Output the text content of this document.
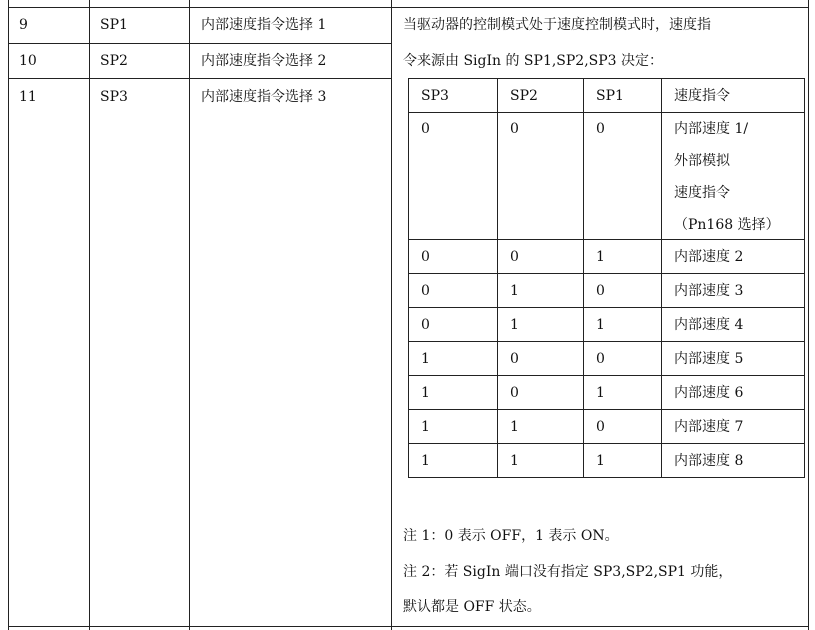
9	SP1	内部速度指令选择 1
10	SP2	内部速度指令选择 2
11	SP3	内部速度指令选择 3
当驱动器的控制模式处于速度控制模式时，速度指
令来源由 SigIn 的 SP1,SP2,SP3 决定：
SP3	SP2	SP1	速度指令
0	0	0	内部速度 1/
外部模拟
速度指令
（Pn168 选择）

0	0	1	内部速度 2
0	1	0	内部速度 3
0	1	1	内部速度 4
1	0	0	内部速度 5
1	0	1	内部速度 6
1	1	0	内部速度 7
1	1	1	内部速度 8
注 1：0 表示 OFF，1 表示 ON。
注 2：若 SigIn 端口没有指定 SP3,SP2,SP1 功能，
默认都是 OFF 状态。
